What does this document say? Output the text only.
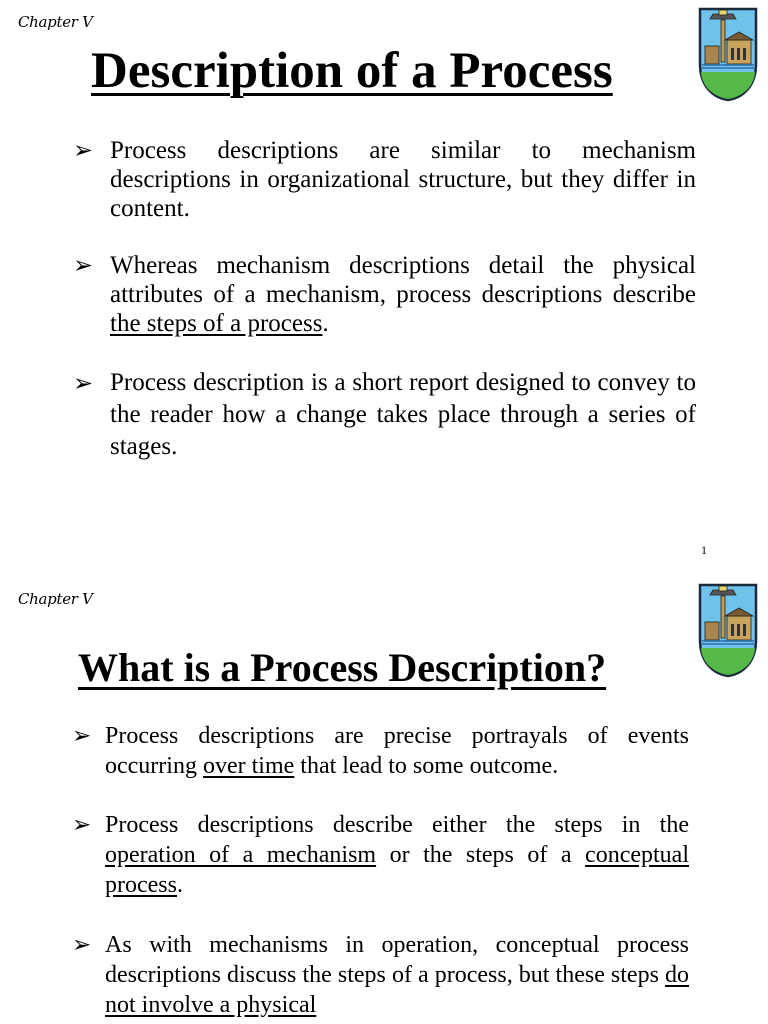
Chapter V
Description of a Process
➢ Process descriptions are similar to mechanism descriptions in organizational structure, but they differ in content.
➢ Whereas mechanism descriptions detail the physical attributes of a mechanism, process descriptions describe the steps of a process.
➢ Process description is a short report designed to convey to the reader how a change takes place through a series of stages.
1
Chapter V
What is a Process Description?
➢ Process descriptions are precise portrayals of events occurring over time that lead to some outcome.
➢ Process descriptions describe either the steps in the operation of a mechanism or the steps of a conceptual process.
➢ As with mechanisms in operation, conceptual process descriptions discuss the steps of a process, but these steps do not involve a physical
